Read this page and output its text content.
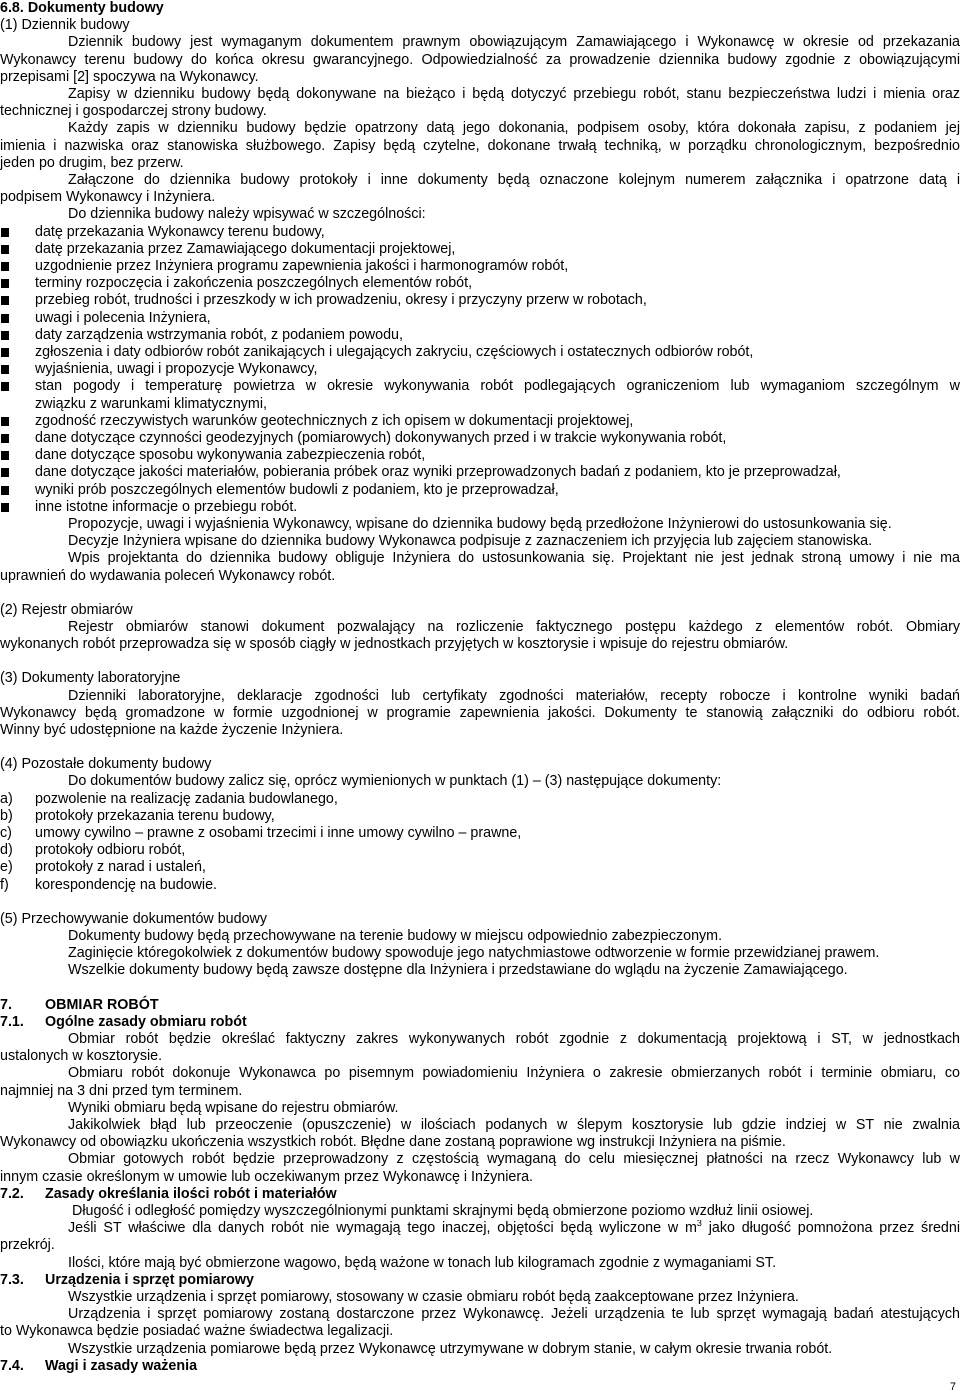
6.8. Dokumenty budowy
(1) Dziennik budowy
Dziennik budowy jest wymaganym dokumentem prawnym obowiązującym Zamawiającego i Wykonawcę w okresie od przekazania
Wykonawcy terenu budowy do końca okresu gwarancyjnego. Odpowiedzialność za prowadzenie dziennika budowy zgodnie z obowiązującymi
przepisami [2] spoczywa na Wykonawcy.
Zapisy w dzienniku budowy będą dokonywane na bieżąco i będą dotyczyć przebiegu robót, stanu bezpieczeństwa ludzi i mienia oraz
technicznej i gospodarczej strony budowy.
Każdy zapis w dzienniku budowy będzie opatrzony datą jego dokonania, podpisem osoby, która dokonała zapisu, z podaniem jej
imienia i nazwiska oraz stanowiska służbowego. Zapisy będą czytelne, dokonane trwałą techniką, w porządku chronologicznym, bezpośrednio
jeden po drugim, bez przerw.
Załączone do dziennika budowy protokoły i inne dokumenty będą oznaczone kolejnym numerem załącznika i opatrzone datą i
podpisem Wykonawcy i Inżyniera.
Do dziennika budowy należy wpisywać w szczególności:
datę przekazania Wykonawcy terenu budowy,
datę przekazania przez Zamawiającego dokumentacji projektowej,
uzgodnienie przez Inżyniera programu zapewnienia jakości i harmonogramów robót,
terminy rozpoczęcia i zakończenia poszczególnych elementów robót,
przebieg robót, trudności i przeszkody w ich prowadzeniu, okresy i przyczyny przerw w robotach,
uwagi i polecenia Inżyniera,
daty zarządzenia wstrzymania robót, z podaniem powodu,
zgłoszenia i daty odbiorów robót zanikających i ulegających zakryciu, częściowych i ostatecznych odbiorów robót,
wyjaśnienia, uwagi i propozycje Wykonawcy,
stan pogody i temperaturę powietrza w okresie wykonywania robót podlegających ograniczeniom lub wymaganiom szczególnym w
związku z warunkami klimatycznymi,
zgodność rzeczywistych warunków geotechnicznych z ich opisem w dokumentacji projektowej,
dane dotyczące czynności geodezyjnych (pomiarowych) dokonywanych przed i w trakcie wykonywania robót,
dane dotyczące sposobu wykonywania zabezpieczenia robót,
dane dotyczące jakości materiałów, pobierania próbek oraz wyniki przeprowadzonych badań z podaniem, kto je przeprowadzał,
wyniki prób poszczególnych elementów budowli z podaniem, kto je przeprowadzał,
inne istotne informacje o przebiegu robót.
Propozycje, uwagi i wyjaśnienia Wykonawcy, wpisane do dziennika budowy będą przedłożone Inżynierowi do ustosunkowania się.
Decyzje Inżyniera wpisane do dziennika budowy Wykonawca podpisuje z zaznaczeniem ich przyjęcia lub zajęciem stanowiska.
Wpis projektanta do dziennika budowy obliguje Inżyniera do ustosunkowania się. Projektant nie jest jednak stroną umowy i nie ma
uprawnień do wydawania poleceń Wykonawcy robót.
(2) Rejestr obmiarów
Rejestr obmiarów stanowi dokument pozwalający na rozliczenie faktycznego postępu każdego z elementów robót. Obmiary
wykonanych robót przeprowadza się w sposób ciągły w jednostkach przyjętych w kosztorysie i wpisuje do rejestru obmiarów.
(3) Dokumenty laboratoryjne
Dzienniki laboratoryjne, deklaracje zgodności lub certyfikaty zgodności materiałów, recepty robocze i kontrolne wyniki badań
Wykonawcy będą gromadzone w formie uzgodnionej w programie zapewnienia jakości. Dokumenty te stanowią załączniki do odbioru robót.
Winny być udostępnione na każde życzenie Inżyniera.
(4) Pozostałe dokumenty budowy
Do dokumentów budowy zalicz się, oprócz wymienionych w punktach (1) – (3) następujące dokumenty:
a)	pozwolenie na realizację zadania budowlanego,
b)	protokoły przekazania terenu budowy,
c)	umowy cywilno – prawne z osobami trzecimi i inne umowy cywilno – prawne,
d)	protokoły odbioru robót,
e)	protokoły z narad i ustaleń,
f)	korespondencję na budowie.
(5) Przechowywanie dokumentów budowy
Dokumenty budowy będą przechowywane na terenie budowy w miejscu odpowiednio zabezpieczonym.
Zaginięcie któregokolwiek z dokumentów budowy spowoduje jego natychmiastowe odtworzenie w formie przewidzianej prawem.
Wszelkie dokumenty budowy będą zawsze dostępne dla Inżyniera i przedstawiane do wglądu na życzenie Zamawiającego.
7.	OBMIAR ROBÓT
7.1.	Ogólne zasady obmiaru robót
Obmiar robót będzie określać faktyczny zakres wykonywanych robót zgodnie z dokumentacją projektową i ST, w jednostkach
ustalonych w kosztorysie.
Obmiaru robót dokonuje Wykonawca po pisemnym powiadomieniu Inżyniera o zakresie obmierzanych robót i terminie obmiaru, co
najmniej na 3 dni przed tym terminem.
Wyniki obmiaru będą wpisane do rejestru obmiarów.
Jakikolwiek błąd lub przeoczenie (opuszczenie) w ilościach podanych w ślepym kosztorysie lub gdzie indziej w ST nie zwalnia
Wykonawcy od obowiązku ukończenia wszystkich robót. Błędne dane zostaną poprawione wg instrukcji Inżyniera na piśmie.
Obmiar gotowych robót będzie przeprowadzony z częstością wymaganą do celu miesięcznej płatności na rzecz Wykonawcy lub w
innym czasie określonym w umowie lub oczekiwanym przez Wykonawcę i Inżyniera.
7.2.	Zasady określania ilości robót i materiałów
Długość i odległość pomiędzy wyszczególnionymi punktami skrajnymi będą obmierzone poziomo wzdłuż linii osiowej.
Jeśli ST właściwe dla danych robót nie wymagają tego inaczej, objętości będą wyliczone w $m^3$ jako długość pomnożona przez średni
przekrój.
Ilości, które mają być obmierzone wagowo, będą ważone w tonach lub kilogramach zgodnie z wymaganiami ST.
7.3.	Urządzenia i sprzęt pomiarowy
Wszystkie urządzenia i sprzęt pomiarowy, stosowany w czasie obmiaru robót będą zaakceptowane przez Inżyniera.
Urządzenia i sprzęt pomiarowy zostaną dostarczone przez Wykonawcę. Jeżeli urządzenia te lub sprzęt wymagają badań atestujących
to Wykonawca będzie posiadać ważne świadectwa legalizacji.
Wszystkie urządzenia pomiarowe będą przez Wykonawcę utrzymywane w dobrym stanie, w całym okresie trwania robót.
7.4.	Wagi i zasady ważenia
7
